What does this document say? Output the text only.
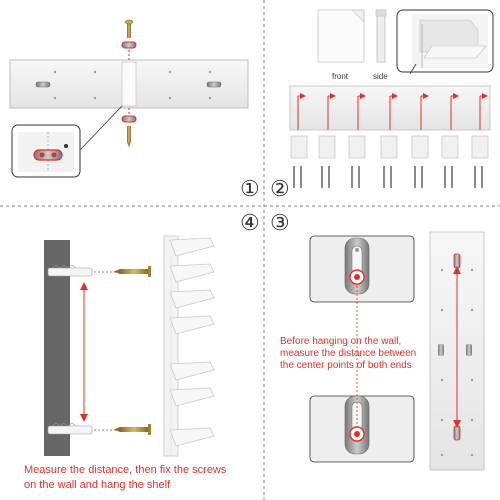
① ②
④ ③
front	side
Measure the distance, then fix the screws
on the wall and hang the shelf
Before hanging on the wall,
measure the distance between
the center points of both ends
